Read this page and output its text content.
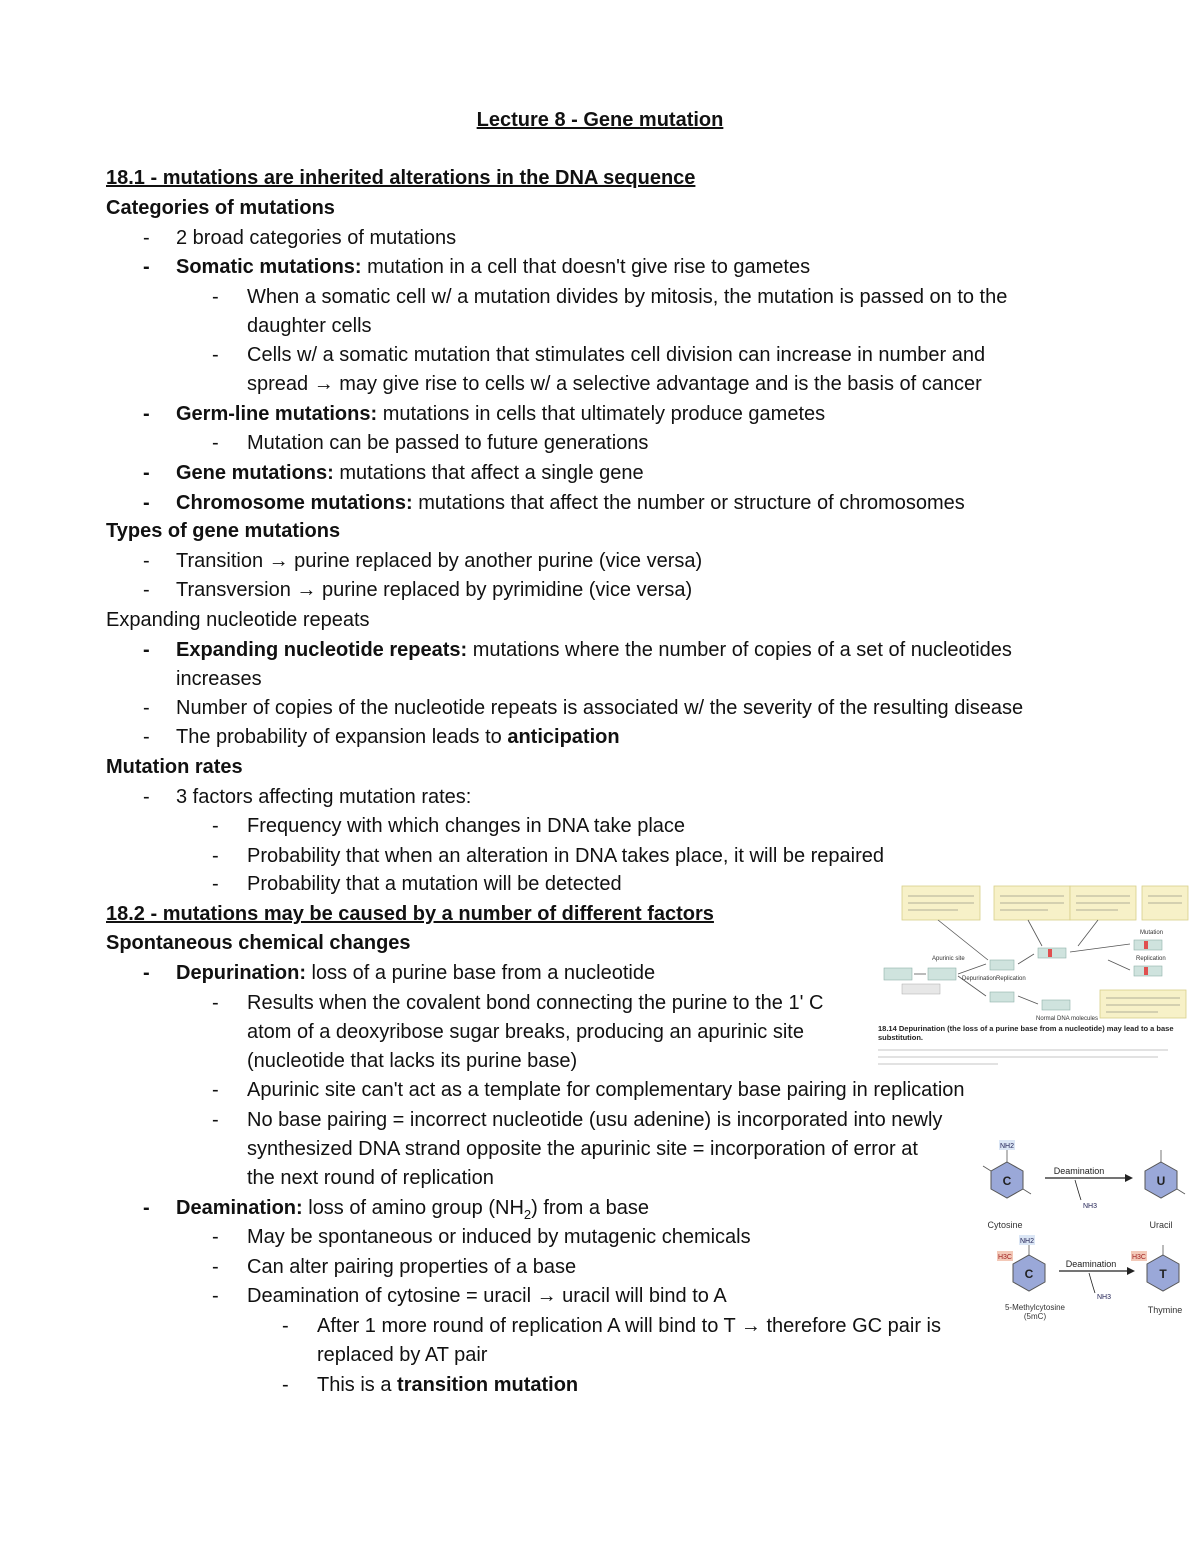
Lecture 8 - Gene mutation
18.1 - mutations are inherited alterations in the DNA sequence
Categories of mutations
- 2 broad categories of mutations
- Somatic mutations: mutation in a cell that doesn't give rise to gametes
- When a somatic cell w/ a mutation divides by mitosis, the mutation is passed on to the
daughter cells
- Cells w/ a somatic mutation that stimulates cell division can increase in number and
spread → may give rise to cells w/ a selective advantage and is the basis of cancer
- Germ-line mutations: mutations in cells that ultimately produce gametes
- Mutation can be passed to future generations
- Gene mutations: mutations that affect a single gene
- Chromosome mutations: mutations that affect the number or structure of chromosomes
Types of gene mutations
- Transition → purine replaced by another purine (vice versa)
- Transversion → purine replaced by pyrimidine (vice versa)
Expanding nucleotide repeats
- Expanding nucleotide repeats: mutations where the number of copies of a set of nucleotides
increases
- Number of copies of the nucleotide repeats is associated w/ the severity of the resulting disease
- The probability of expansion leads to anticipation
Mutation rates
- 3 factors affecting mutation rates:
- Frequency with which changes in DNA take place
- Probability that when an alteration in DNA takes place, it will be repaired
- Probability that a mutation will be detected
18.2 - mutations may be caused by a number of different factors
Spontaneous chemical changes
- Depurination: loss of a purine base from a nucleotide
- Results when the covalent bond connecting the purine to the 1' C
atom of a deoxyribose sugar breaks, producing an apurinic site
(nucleotide that lacks its purine base)
- Apurinic site can't act as a template for complementary base pairing in replication
- No base pairing = incorrect nucleotide (usu adenine) is incorporated into newly
synthesized DNA strand opposite the apurinic site = incorporation of error at
the next round of replication
- Deamination: loss of amino group $(NH_2)$ from a base
- May be spontaneous or induced by mutagenic chemicals
- Can alter pairing properties of a base
- Deamination of cytosine = uracil → uracil will bind to A
- After 1 more round of replication A will bind to T → therefore GC pair is
replaced by AT pair
- This is a transition mutation
Apurinic site
Depurination Replication
Replication
Mutation
Normal DNA molecules
18.14 Depurination (the loss of a purine base from a nucleotide) may lead to a base substitution.
C
NH2
Deamination
NH3
U
Cytosine	Uracil
NH2
H3C
C
Deamination
NH3
H3C
T
5-Methylcytosine (5mC)
Thymine
